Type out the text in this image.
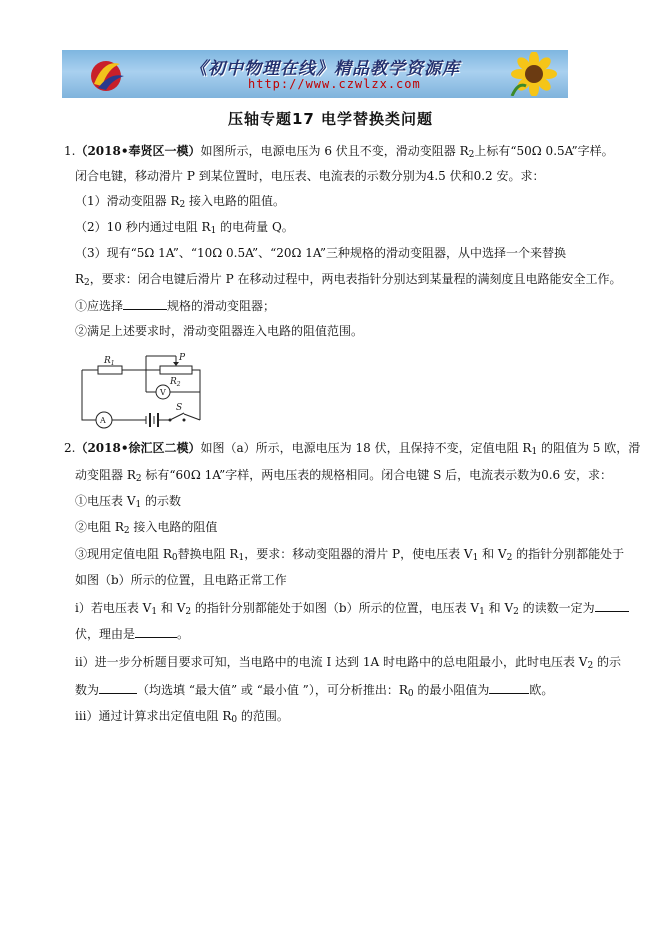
《初中物理在线》精品教学资源库
http://www.czwlzx.com
压轴专题17 电学替换类问题
1.（2018•奉贤区一模）如图所示，电源电压为 6 伏且不变，滑动变阻器 $R_2$上标有“50Ω 0.5A”字样。
闭合电键，移动滑片 P 到某位置时，电压表、电流表的示数分别为4.5 伏和0.2 安。求：
（1）滑动变阻器 $R_2$ 接入电路的阻值。
（2）10 秒内通过电阻 $R_1$ 的电荷量 Q。
（3）现有“5Ω 1A”、“10Ω 0.5A”、“20Ω 1A”三种规格的滑动变阻器，从中选择一个来替换
$R_2$，要求：闭合电键后滑片 P 在移动过程中，两电表指针分别达到某量程的满刻度且电路能安全工作。
①应选择	规格的滑动变阻器；
②满足上述要求时，滑动变阻器连入电路的阻值范围。
$R_1$
$R_2$
P
A
V
S
2.（2018•徐汇区二模）如图（a）所示，电源电压为 18 伏，且保持不变，定值电阻 $R_1$ 的阻值为 5 欧，滑
动变阻器 $R_2$ 标有“60Ω 1A”字样，两电压表的规格相同。闭合电键 S 后，电流表示数为0.6 安，求：
①电压表 $V_1$ 的示数
②电阻 $R_2$ 接入电路的阻值
③现用定值电阻 $R_0$替换电阻 $R_1$，要求：移动变阻器的滑片 P，使电压表 $V_1$ 和 $V_2$ 的指针分别都能处于
如图（b）所示的位置，且电路正常工作
i）若电压表 $V_1$ 和 $V_2$ 的指针分别都能处于如图（b）所示的位置，电压表 $V_1$ 和 $V_2$ 的读数一定为
伏，理由是	。
ii）进一步分析题目要求可知，当电路中的电流 I 达到 1A 时电路中的总电阻最小，此时电压表 $V_2$ 的示
数为	（均选填 “最大值” 或 “最小值 ”），可分析推出：$R_0$ 的最小阻值为	欧。
iii）通过计算求出定值电阻 $R_0$ 的范围。
